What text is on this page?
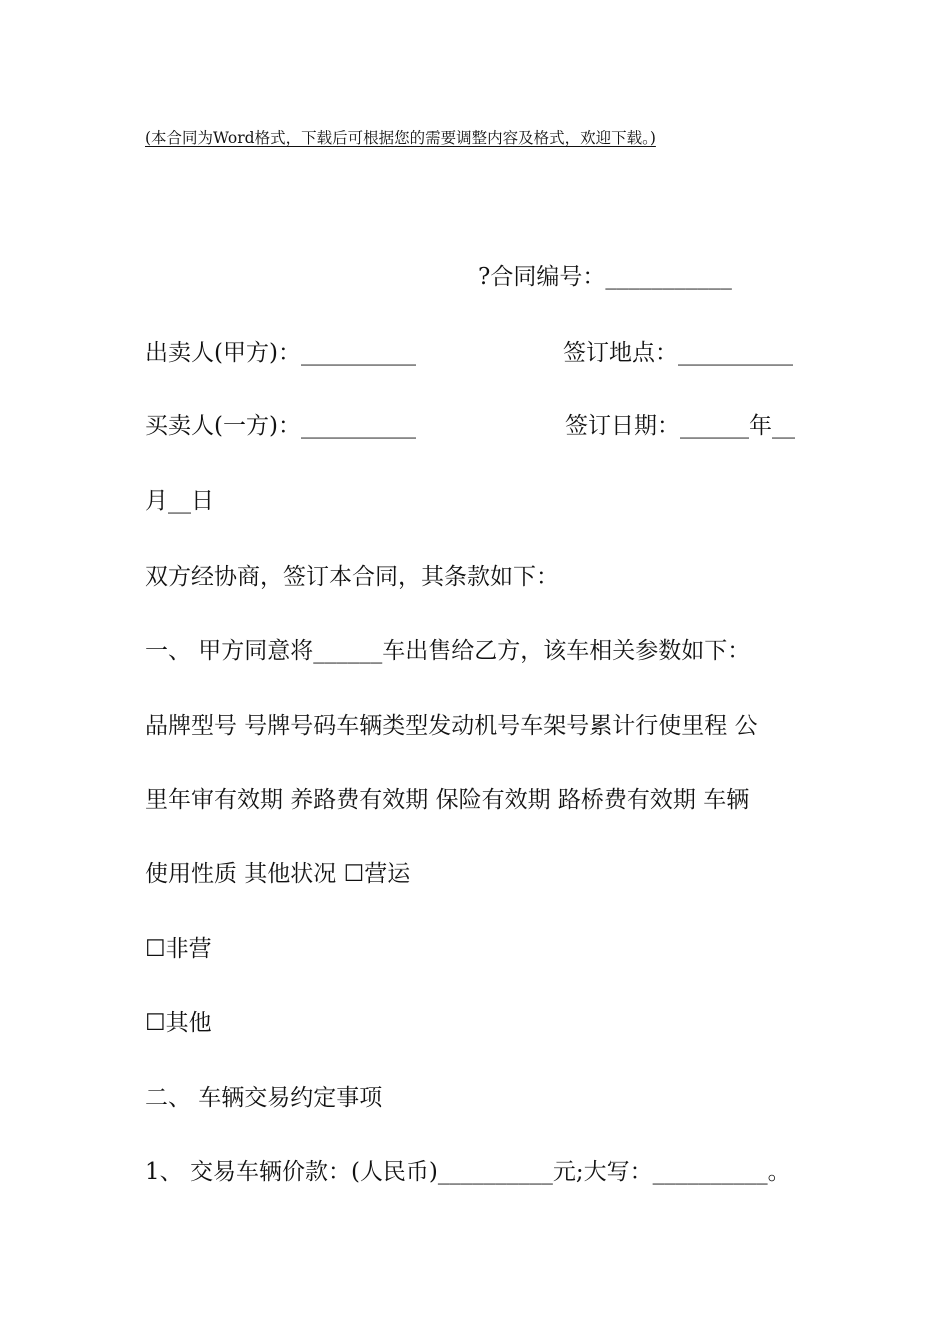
(本合同为Word格式，下载后可根据您的需要调整内容及格式，欢迎下载。)
?合同编号：___________
出卖人(甲方)：__________	签订地点：__________
买卖人(一方)：__________	签订日期：______年__
月__日
双方经协商，签订本合同，其条款如下：
一、 甲方同意将______车出售给乙方，该车相关参数如下：
品牌型号 号牌号码车辆类型发动机号车架号累计行使里程 公
里年审有效期 养路费有效期 保险有效期 路桥费有效期 车辆
使用性质 其他状况 ☐营运
☐非营
☐其他
二、 车辆交易约定事项
1、 交易车辆价款：(人民币)__________元;大写：__________。
